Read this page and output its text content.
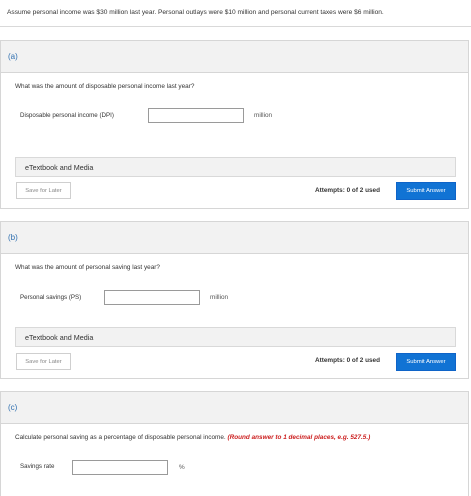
Assume personal income was $30 million last year. Personal outlays were $10 million and personal current taxes were $6 million.
(a)
What was the amount of disposable personal income last year?
Disposable personal income (DPI)	million
eTextbook and Media
Save for Later	Attempts: 0 of 2 used	Submit Answer
(b)
What was the amount of personal saving last year?
Personal savings (PS)	million
eTextbook and Media
Save for Later	Attempts: 0 of 2 used	Submit Answer
(c)
Calculate personal saving as a percentage of disposable personal income. (Round answer to 1 decimal places, e.g. 527.5.)
Savings rate	%
